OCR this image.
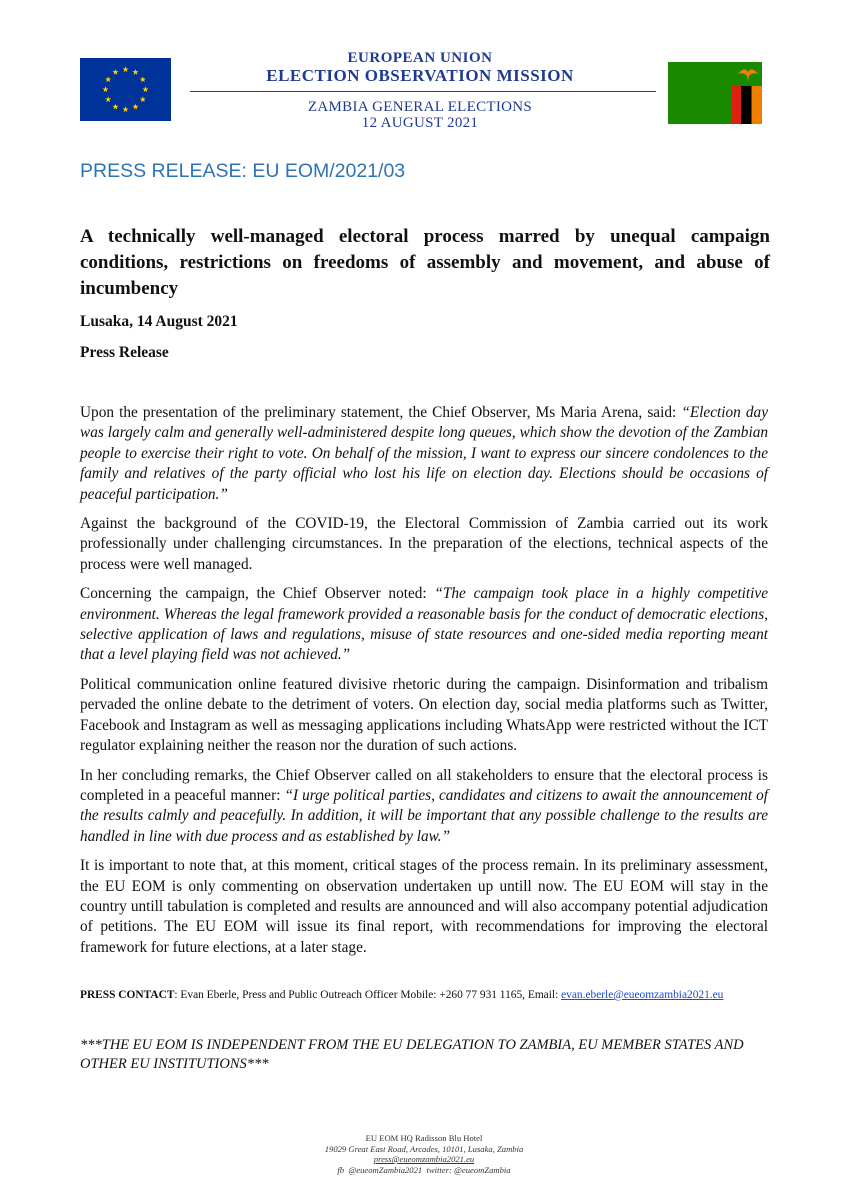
EUROPEAN UNION
ELECTION OBSERVATION MISSION
ZAMBIA GENERAL ELECTIONS
12 AUGUST 2021
PRESS RELEASE: EU EOM/2021/03
A technically well-managed electoral process marred by unequal campaign conditions, restrictions on freedoms of assembly and movement, and abuse of incumbency
Lusaka, 14 August 2021
Press Release

Upon the presentation of the preliminary statement, the Chief Observer, Ms Maria Arena, said: “Election day was largely calm and generally well-administered despite long queues, which show the devotion of the Zambian people to exercise their right to vote. On behalf of the mission, I want to express our sincere condolences to the family and relatives of the party official who lost his life on election day. Elections should be occasions of peaceful participation.”

Against the background of the COVID-19, the Electoral Commission of Zambia carried out its work professionally under challenging circumstances. In the preparation of the elections, technical aspects of the process were well managed.

Concerning the campaign, the Chief Observer noted: “The campaign took place in a highly competitive environment. Whereas the legal framework provided a reasonable basis for the conduct of democratic elections, selective application of laws and regulations, misuse of state resources and one-sided media reporting meant that a level playing field was not achieved.”

Political communication online featured divisive rhetoric during the campaign. Disinformation and tribalism pervaded the online debate to the detriment of voters. On election day, social media platforms such as Twitter, Facebook and Instagram as well as messaging applications including WhatsApp were restricted without the ICT regulator explaining neither the reason nor the duration of such actions.

In her concluding remarks, the Chief Observer called on all stakeholders to ensure that the electoral process is completed in a peaceful manner: “I urge political parties, candidates and citizens to await the announcement of the results calmly and peacefully. In addition, it will be important that any possible challenge to the results are handled in line with due process and as established by law.”

It is important to note that, at this moment, critical stages of the process remain. In its preliminary assessment, the EU EOM is only commenting on observation undertaken up untill now. The EU EOM will stay in the country untill tabulation is completed and results are announced and will also accompany potential adjudication of petitions. The EU EOM will issue its final report, with recommendations for improving the electoral framework for future elections, at a later stage.

PRESS CONTACT: Evan Eberle, Press and Public Outreach Officer Mobile: +260 77 931 1165, Email: evan.eberle@eueomzambia2021.eu
***THE EU EOM IS INDEPENDENT FROM THE EU DELEGATION TO ZAMBIA, EU MEMBER STATES AND OTHER EU INSTITUTIONS***
EU EOM HQ Radisson Blu Hotel
19029 Great East Road, Arcades, 10101, Lusaka, Zambia
press@eueomzambia2021.eu
fb @eueomZambia2021 twitter: @eueomZambia
